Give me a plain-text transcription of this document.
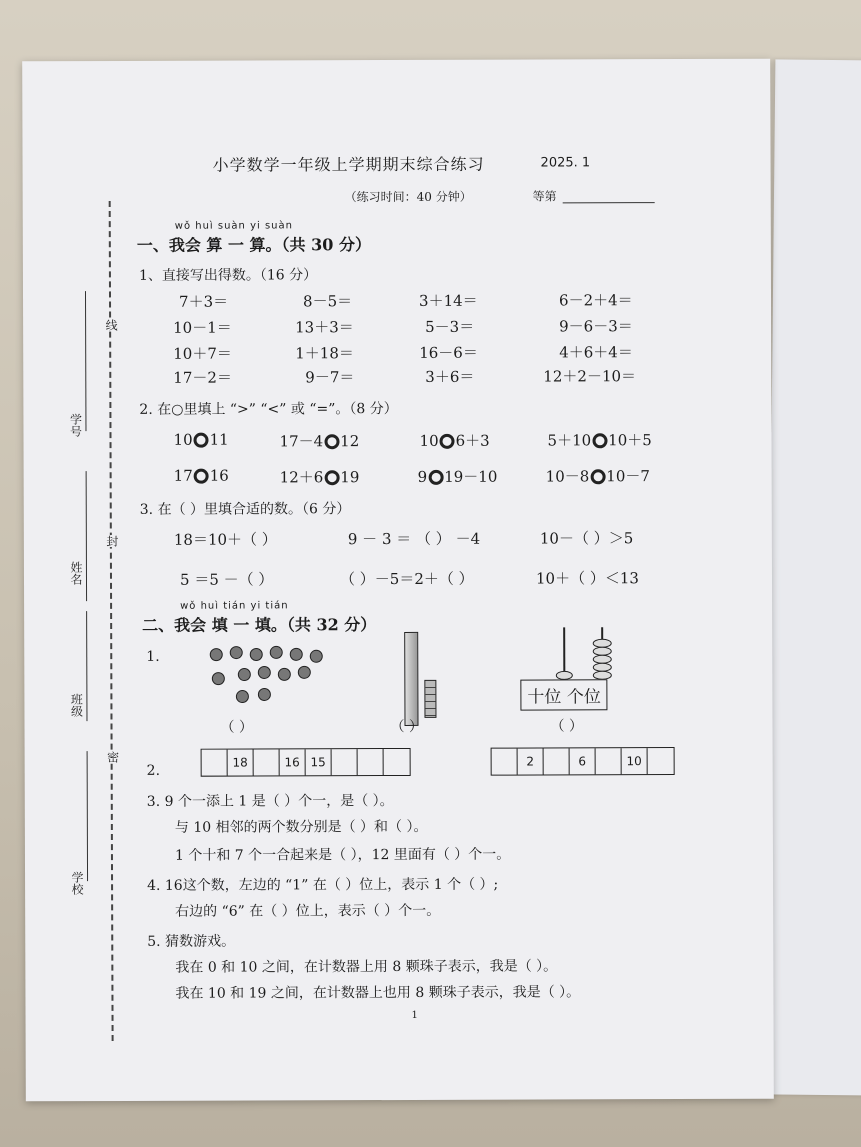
小学数学一年级上学期期末综合练习	2025. 1
（练习时间：40 分钟）	等第
学号
姓名
班级
学校
线
封
密
wǒ huì suàn yi suàn
一、我会 算 一 算。（共 30 分）
1、直接写出得数。（16 分）
7＋3＝	8－5＝	3＋14＝	6－2＋4＝
10－1＝	13＋3＝	5－3＝	9－6－3＝
10＋7＝	1＋18＝	16－6＝	4＋6＋4＝
17－2＝	9－7＝	3＋6＝	12＋2－10＝
2. 在○里填上 “>” “<” 或 “=”。（8 分）
10 11	17－4 12	10 6＋3	5＋10 10＋5
17 16	12＋6 19	9 19－10	10－8 10－7
3. 在（ ）里填合适的数。（6 分）
18＝10＋（ ）	9 － 3 ＝ （ ） －4	10－（ ）＞5
5 ＝5 －（ ）	（ ）－5＝2＋（ ）	10＋（ ）＜13
wǒ huì tián yi tián
二、我会 填 一 填。（共 32 分）
1.
（ ）	（ ）
十位 个位
（ ）
2.
18	16 15	2	6	10
3. 9 个一添上 1 是（ ）个一，是（ ）。
与 10 相邻的两个数分别是（ ）和（ ）。
1 个十和 7 个一合起来是（ ），12 里面有（ ）个一。
4. 16这个数，左边的 “1” 在（ ）位上，表示 1 个（ ）;
右边的 “6” 在（ ）位上，表示（ ）个一。
5. 猜数游戏。
我在 0 和 10 之间，在计数器上用 8 颗珠子表示，我是（ ）。
我在 10 和 19 之间，在计数器上也用 8 颗珠子表示，我是（ ）。
1
